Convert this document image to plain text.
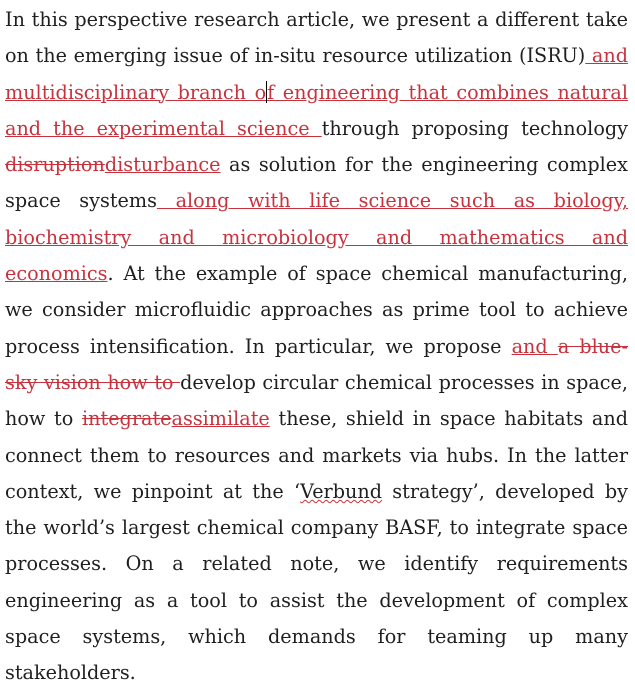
In this perspective research article, we present a different take on the emerging issue of in-situ resource utilization (ISRU) and multidisciplinary branch of engineering that combines natural and the experimental science through proposing technology disruptiondisturbance as solution for the engineering complex space systems along with life science such as biology, biochemistry and microbiology and mathematics and economics. At the example of space chemical manufacturing, we consider microfluidic approaches as prime tool to achieve process intensification. In particular, we propose and a blue-sky vision how to develop circular chemical processes in space, how to integrateassimilate these, shield in space habitats and connect them to resources and markets via hubs. In the latter context, we pinpoint at the ‘Verbund strategy’, developed by the world’s largest chemical company BASF, to integrate space processes. On a related note, we identify requirements engineering as a tool to assist the development of complex space systems, which demands for teaming up many stakeholders.
